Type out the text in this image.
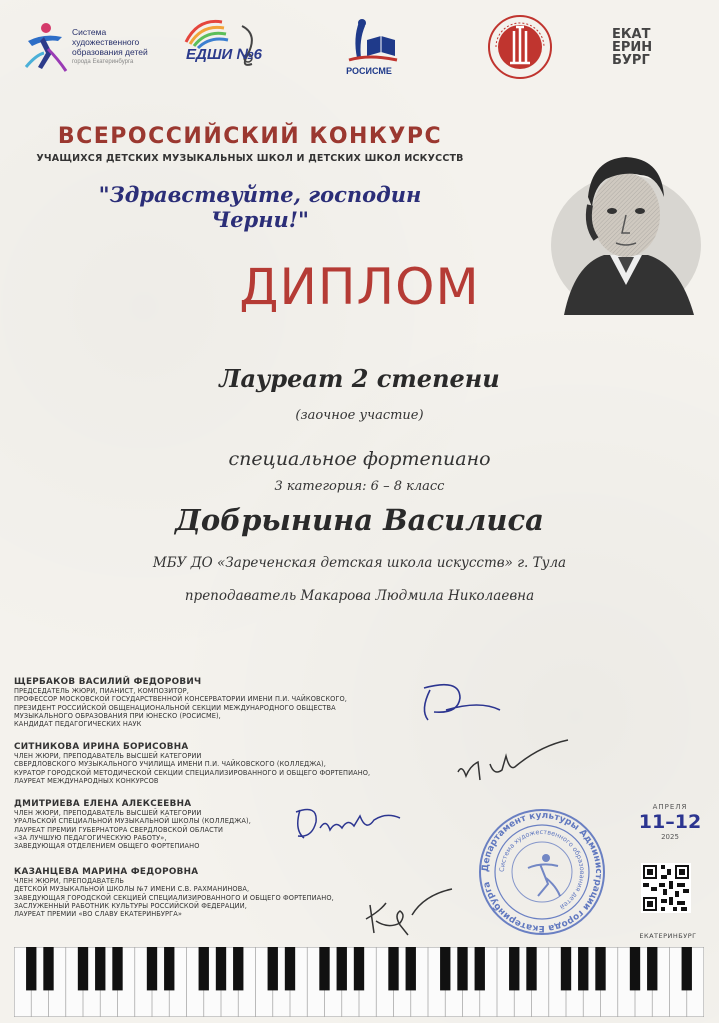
Система
художественного
образования детей
города Екатеринбурга	ЕДШИ №6
РОСИСМЕ
ЕКАТ
ЕРИН
БУРГ
ВСЕРОССИЙСКИЙ КОНКУРС
УЧАЩИХСЯ ДЕТСКИХ МУЗЫКАЛЬНЫХ ШКОЛ И ДЕТСКИХ ШКОЛ ИСКУССТВ
"Здравствуйте, господин Черни!"
ДИПЛОМ
Лауреат 2 степени
(заочное участие)
специальное фортепиано
3 категория: 6 – 8 класс
Добрынина Василиса
МБУ ДО «Зареченская детская школа искусств» г. Тула
преподаватель Макарова Людмила Николаевна
ЩЕРБАКОВ ВАСИЛИЙ ФЕДОРОВИЧ
ПРЕДСЕДАТЕЛЬ ЖЮРИ, ПИАНИСТ, КОМПОЗИТОР,
ПРОФЕССОР МОСКОВСКОЙ ГОСУДАРСТВЕННОЙ КОНСЕРВАТОРИИ ИМЕНИ П.И. ЧАЙКОВСКОГО,
ПРЕЗИДЕНТ РОССИЙСКОЙ ОБЩЕНАЦИОНАЛЬНОЙ СЕКЦИИ МЕЖДУНАРОДНОГО ОБЩЕСТВА
МУЗЫКАЛЬНОГО ОБРАЗОВАНИЯ ПРИ ЮНЕСКО (РОСИСМЕ),
КАНДИДАТ ПЕДАГОГИЧЕСКИХ НАУК
СИТНИКОВА ИРИНА БОРИСОВНА
ЧЛЕН ЖЮРИ, ПРЕПОДАВАТЕЛЬ ВЫСШЕЙ КАТЕГОРИИ
СВЕРДЛОВСКОГО МУЗЫКАЛЬНОГО УЧИЛИЩА ИМЕНИ П.И. ЧАЙКОВСКОГО (КОЛЛЕДЖА),
КУРАТОР ГОРОДСКОЙ МЕТОДИЧЕСКОЙ СЕКЦИИ СПЕЦИАЛИЗИРОВАННОГО И ОБЩЕГО ФОРТЕПИАНО,
ЛАУРЕАТ МЕЖДУНАРОДНЫХ КОНКУРСОВ
ДМИТРИЕВА ЕЛЕНА АЛЕКСЕЕВНА
ЧЛЕН ЖЮРИ, ПРЕПОДАВАТЕЛЬ ВЫСШЕЙ КАТЕГОРИИ
УРАЛЬСКОЙ СПЕЦИАЛЬНОЙ МУЗЫКАЛЬНОЙ ШКОЛЫ (КОЛЛЕДЖА),
ЛАУРЕАТ ПРЕМИИ ГУБЕРНАТОРА СВЕРДЛОВСКОЙ ОБЛАСТИ
«ЗА ЛУЧШУЮ ПЕДАГОГИЧЕСКУЮ РАБОТУ»,
ЗАВЕДУЮЩАЯ ОТДЕЛЕНИЕМ ОБЩЕГО ФОРТЕПИАНО
КАЗАНЦЕВА МАРИНА ФЕДОРОВНА
ЧЛЕН ЖЮРИ, ПРЕПОДАВАТЕЛЬ
ДЕТСКОЙ МУЗЫКАЛЬНОЙ ШКОЛЫ №7 ИМЕНИ С.В. РАХМАНИНОВА,
ЗАВЕДУЮЩАЯ ГОРОДСКОЙ СЕКЦИЕЙ СПЕЦИАЛИЗИРОВАННОГО И ОБЩЕГО ФОРТЕПИАНО,
ЗАСЛУЖЕННЫЙ РАБОТНИК КУЛЬТУРЫ РОССИЙСКОЙ ФЕДЕРАЦИИ,
ЛАУРЕАТ ПРЕМИИ «ВО СЛАВУ ЕКАТЕРИНБУРГА»
Департамент культуры Администрации города Екатеринбурга
Система художественного образования детей
АПРЕЛЯ
11–12
2025
ЕКАТЕРИНБУРГ
